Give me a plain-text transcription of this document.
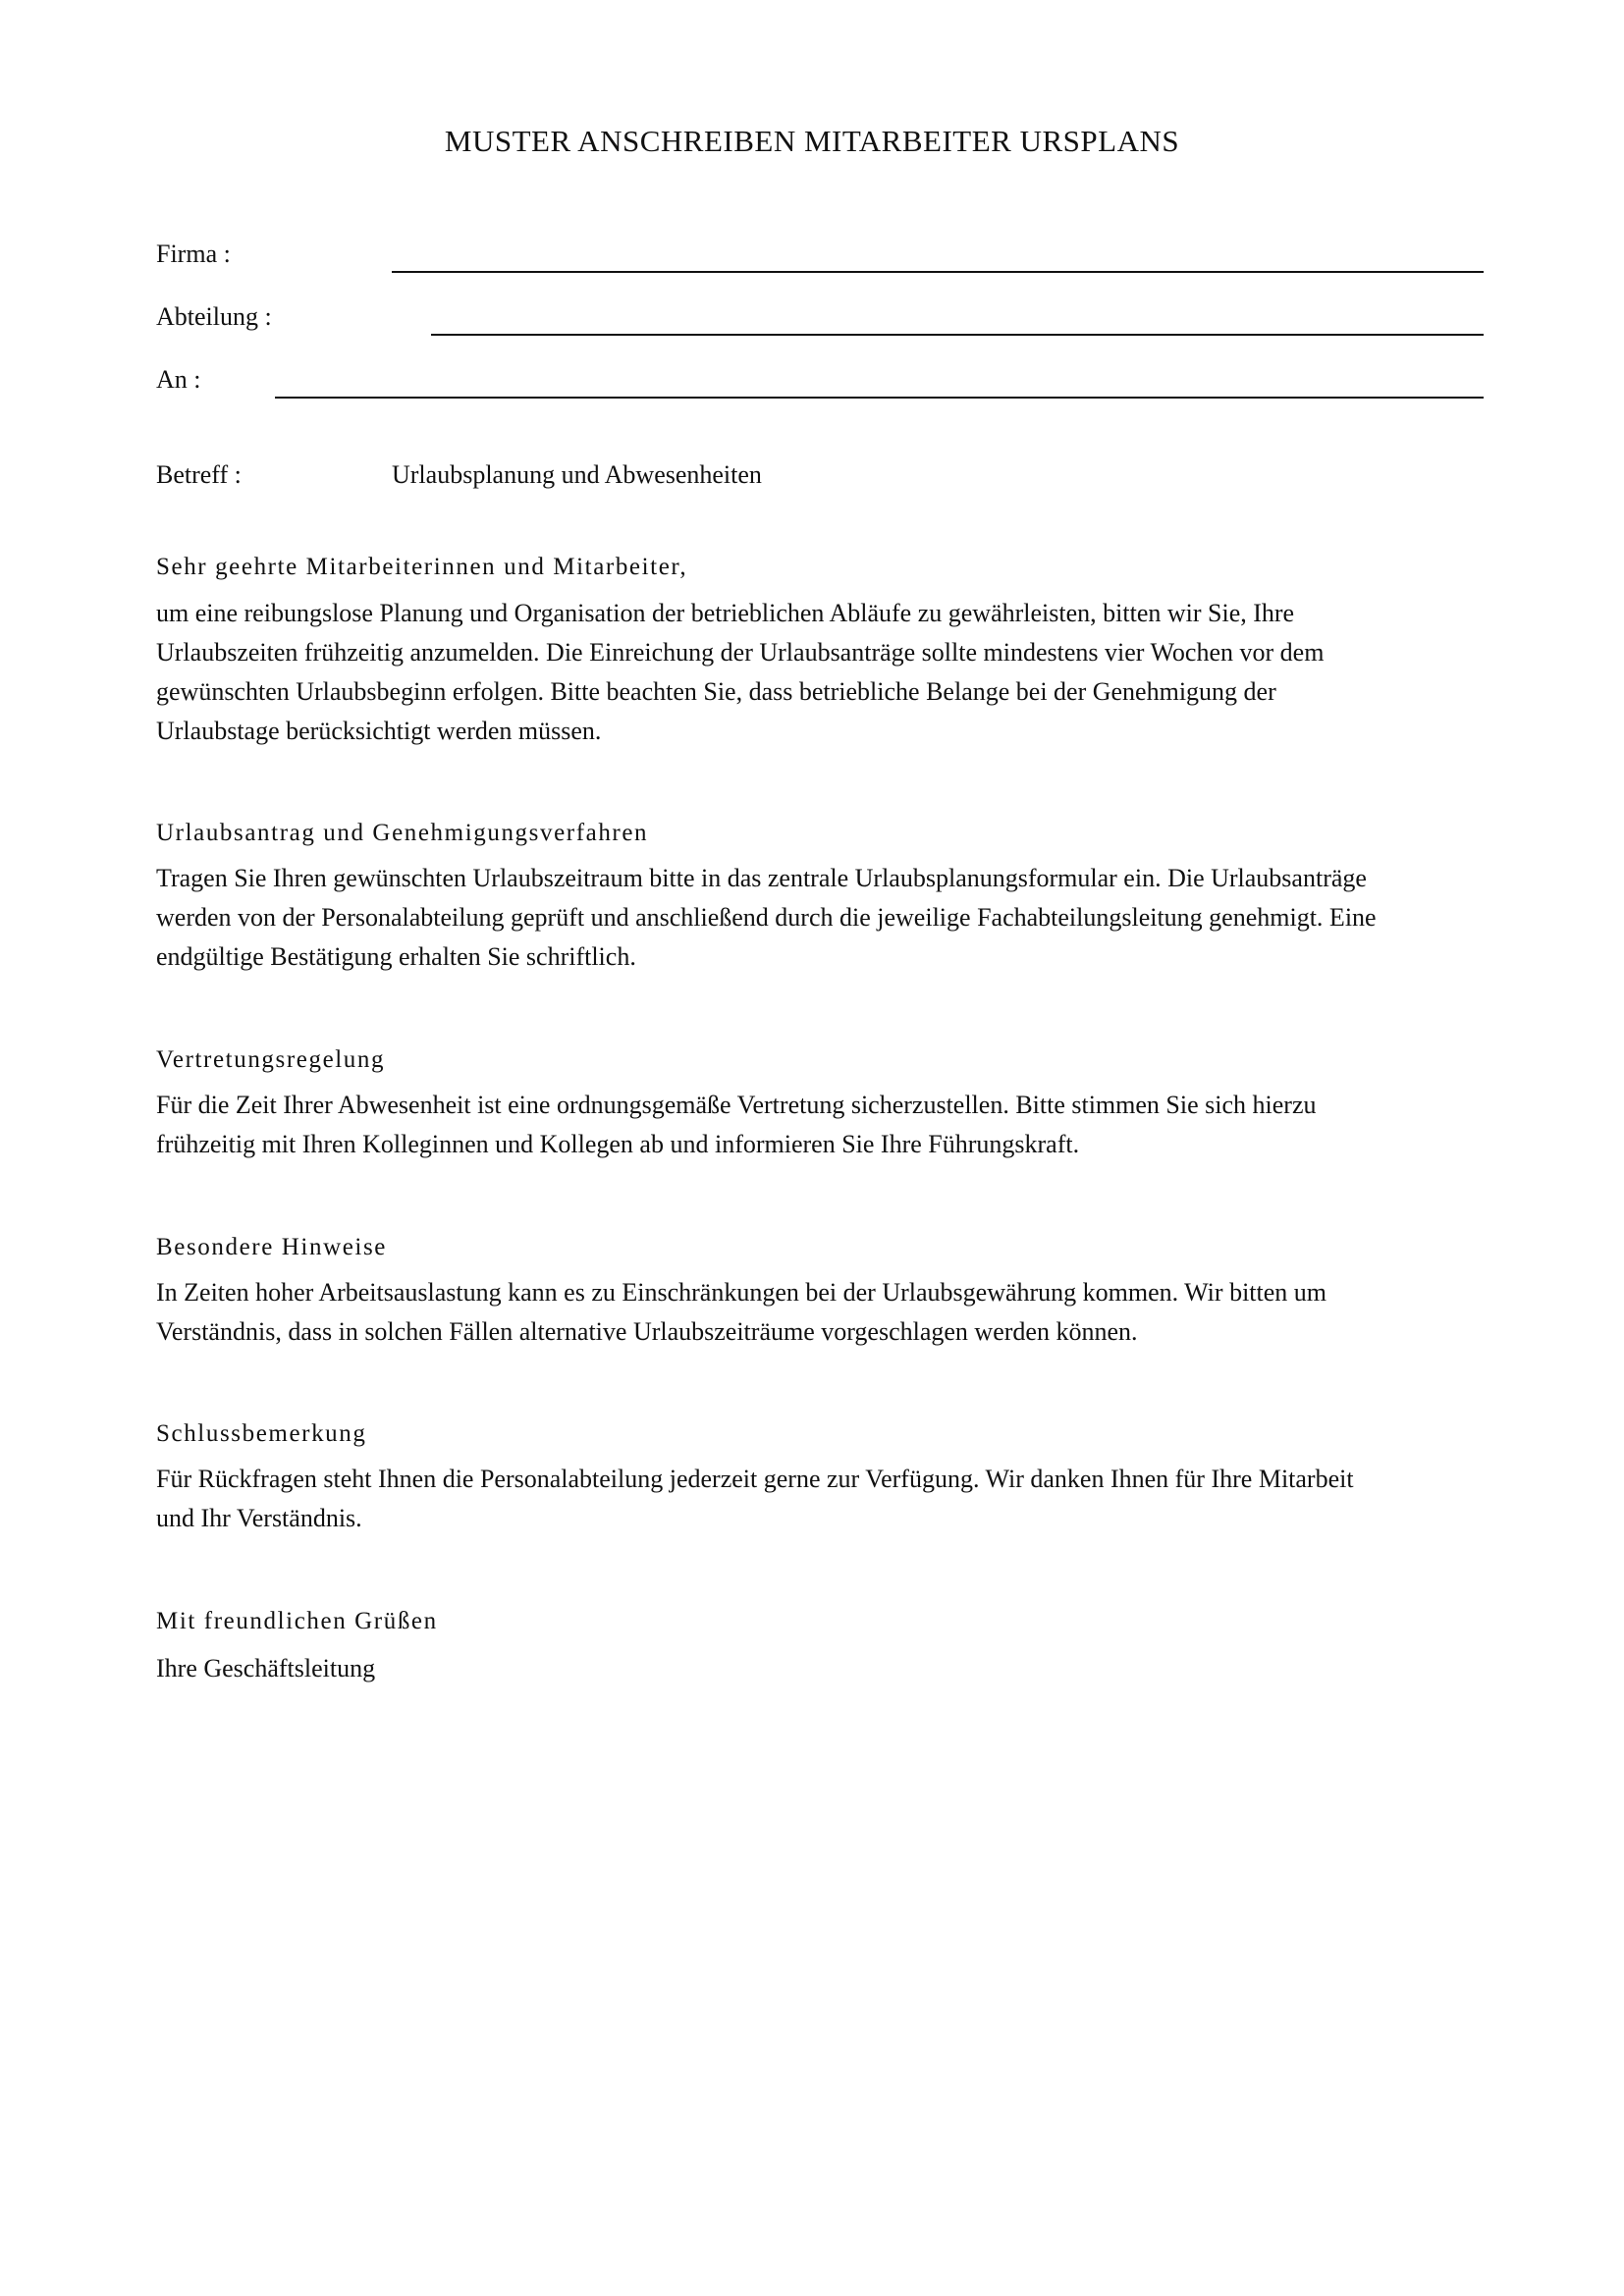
MUSTER ANSCHREIBEN MITARBEITER URSPLANS
Firma :
Abteilung :
An :
Betreff :	Urlaubsplanung und Abwesenheiten
Sehr geehrte Mitarbeiterinnen und Mitarbeiter,
um eine reibungslose Planung und Organisation der betrieblichen Abläufe zu gewährleisten, bitten wir Sie, Ihre
Urlaubszeiten frühzeitig anzumelden. Die Einreichung der Urlaubsanträge sollte mindestens vier Wochen vor dem
gewünschten Urlaubsbeginn erfolgen. Bitte beachten Sie, dass betriebliche Belange bei der Genehmigung der
Urlaubstage berücksichtigt werden müssen.
Urlaubsantrag und Genehmigungsverfahren
Tragen Sie Ihren gewünschten Urlaubszeitraum bitte in das zentrale Urlaubsplanungsformular ein. Die Urlaubsanträge
werden von der Personalabteilung geprüft und anschließend durch die jeweilige Fachabteilungsleitung genehmigt. Eine
endgültige Bestätigung erhalten Sie schriftlich.
Vertretungsregelung
Für die Zeit Ihrer Abwesenheit ist eine ordnungsgemäße Vertretung sicherzustellen. Bitte stimmen Sie sich hierzu
frühzeitig mit Ihren Kolleginnen und Kollegen ab und informieren Sie Ihre Führungskraft.
Besondere Hinweise
In Zeiten hoher Arbeitsauslastung kann es zu Einschränkungen bei der Urlaubsgewährung kommen. Wir bitten um
Verständnis, dass in solchen Fällen alternative Urlaubszeiträume vorgeschlagen werden können.
Schlussbemerkung
Für Rückfragen steht Ihnen die Personalabteilung jederzeit gerne zur Verfügung. Wir danken Ihnen für Ihre Mitarbeit
und Ihr Verständnis.
Mit freundlichen Grüßen
Ihre Geschäftsleitung
